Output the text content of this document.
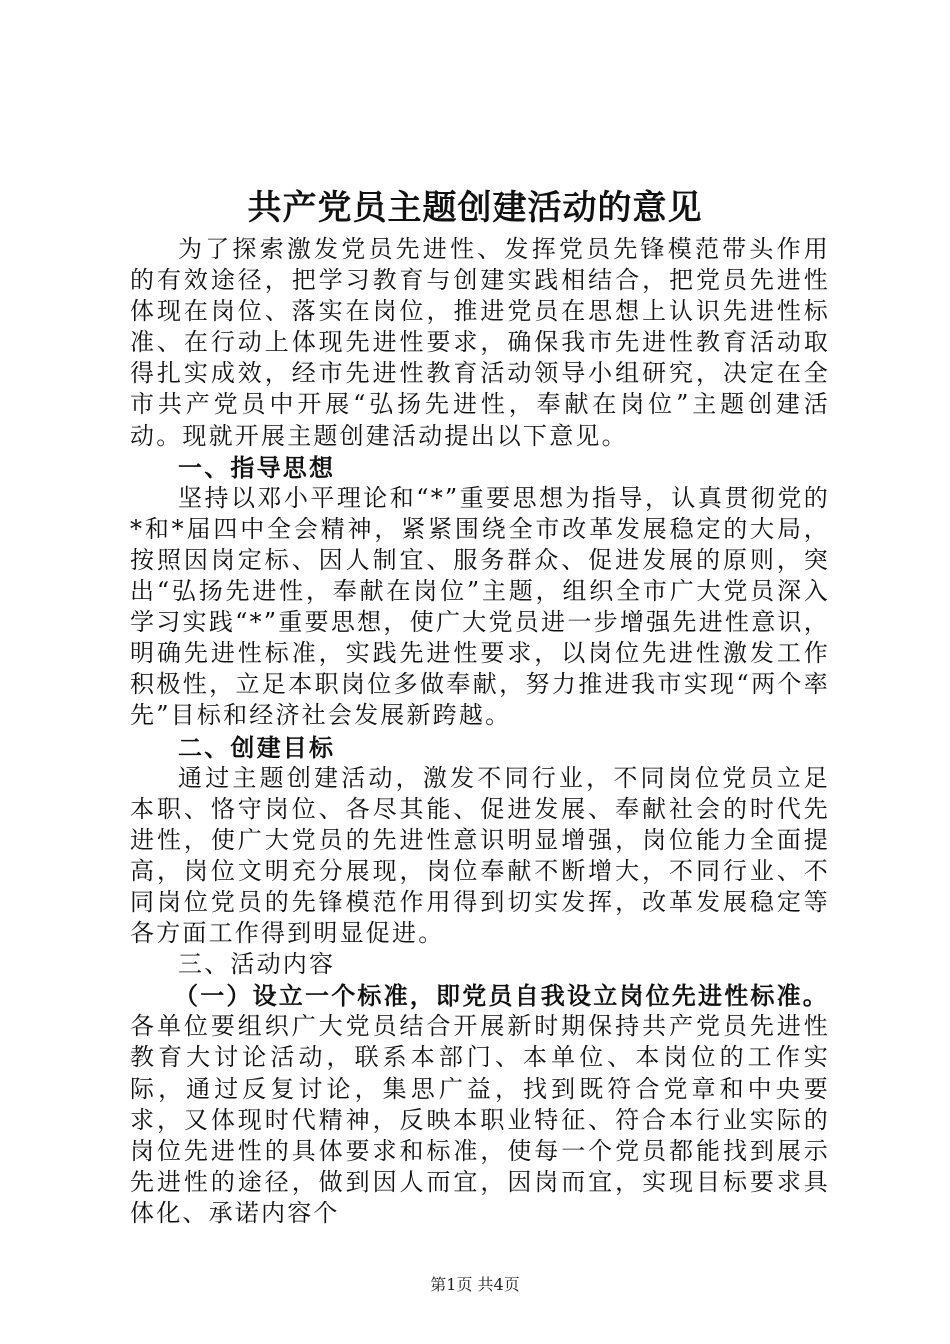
共产党员主题创建活动的意见

为了探索激发党员先进性、发挥党员先锋模范带头作用的有效途径，把学习教育与创建实践相结合，把党员先进性体现在岗位、落实在岗位，推进党员在思想上认识先进性标准、在行动上体现先进性要求，确保我市先进性教育活动取得扎实成效，经市先进性教育活动领导小组研究，决定在全市共产党员中开展“弘扬先进性，奉献在岗位”主题创建活动。现就开展主题创建活动提出以下意见。

一、指导思想

坚持以邓小平理论和“*”重要思想为指导，认真贯彻党的*和*届四中全会精神，紧紧围绕全市改革发展稳定的大局，按照因岗定标、因人制宜、服务群众、促进发展的原则，突出“弘扬先进性，奉献在岗位”主题，组织全市广大党员深入学习实践“*”重要思想，使广大党员进一步增强先进性意识，明确先进性标准，实践先进性要求，以岗位先进性激发工作积极性，立足本职岗位多做奉献，努力推进我市实现“两个率先”目标和经济社会发展新跨越。

二、创建目标

通过主题创建活动，激发不同行业，不同岗位党员立足本职、恪守岗位、各尽其能、促进发展、奉献社会的时代先进性，使广大党员的先进性意识明显增强，岗位能力全面提高，岗位文明充分展现，岗位奉献不断增大，不同行业、不同岗位党员的先锋模范作用得到切实发挥，改革发展稳定等各方面工作得到明显促进。

三、活动内容

（一）设立一个标准，即党员自我设立岗位先进性标准。

各单位要组织广大党员结合开展新时期保持共产党员先进性教育大讨论活动，联系本部门、本单位、本岗位的工作实际，通过反复讨论，集思广益，找到既符合党章和中央要求，又体现时代精神，反映本职业特征、符合本行业实际的岗位先进性的具体要求和标准，使每一个党员都能找到展示先进性的途径，做到因人而宜，因岗而宜，实现目标要求具体化、承诺内容个

第1页 共4页
